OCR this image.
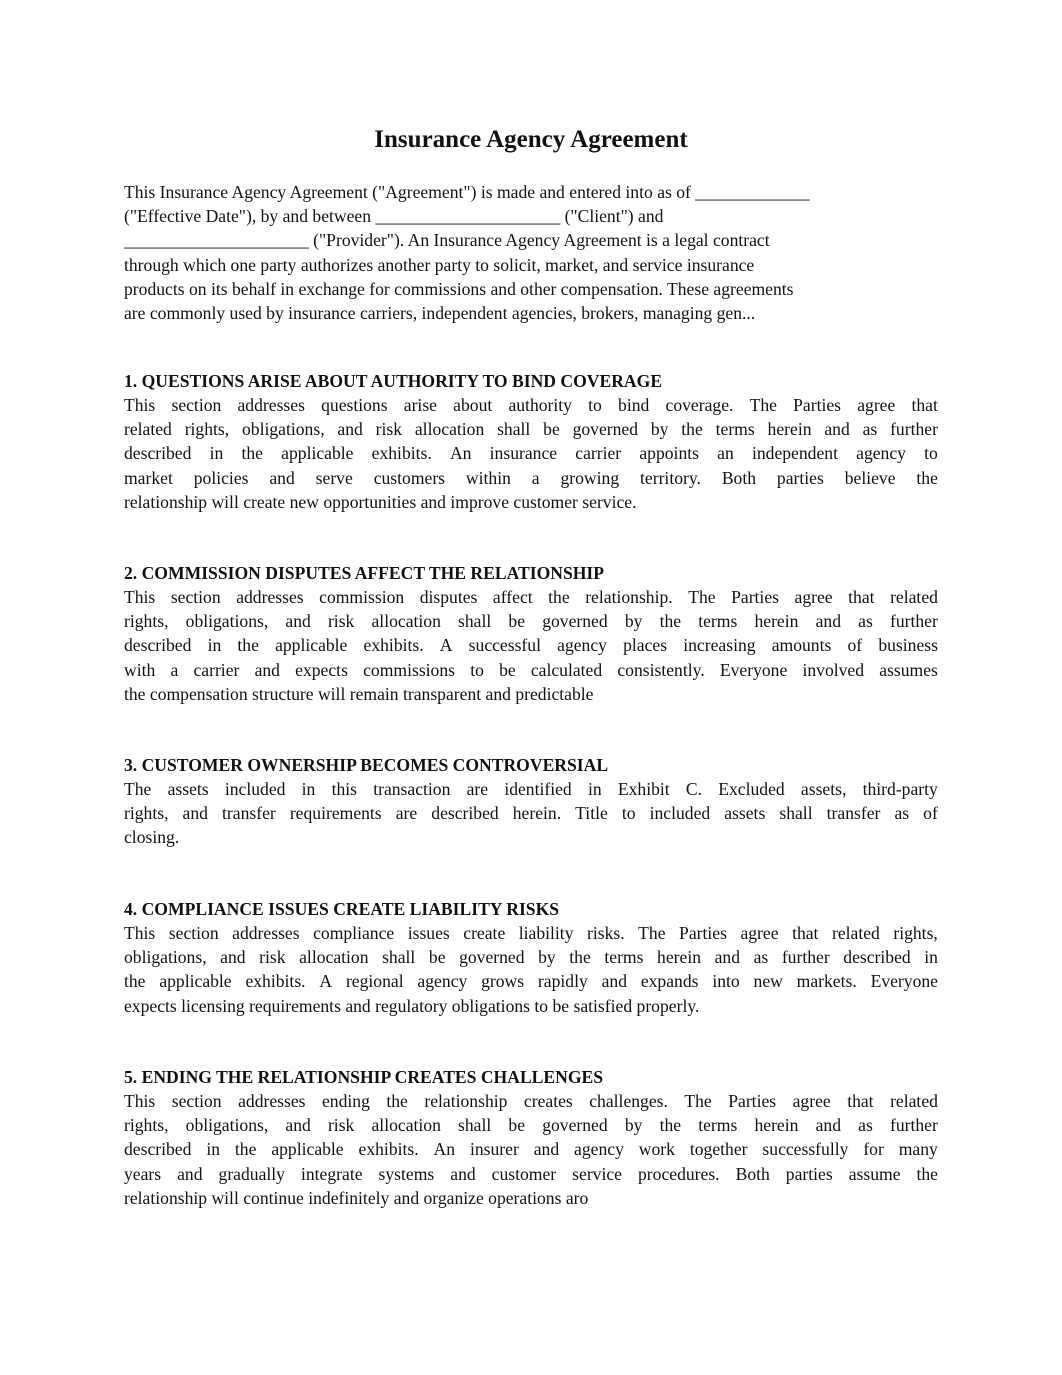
Insurance Agency Agreement
This Insurance Agency Agreement ("Agreement") is made and entered into as of _____________
("Effective Date"), by and between _____________________ ("Client") and
_____________________ ("Provider"). An Insurance Agency Agreement is a legal contract
through which one party authorizes another party to solicit, market, and service insurance
products on its behalf in exchange for commissions and other compensation. These agreements
are commonly used by insurance carriers, independent agencies, brokers, managing gen...
1. QUESTIONS ARISE ABOUT AUTHORITY TO BIND COVERAGE

This section addresses questions arise about authority to bind coverage. The Parties agree that
related rights, obligations, and risk allocation shall be governed by the terms herein and as further
described in the applicable exhibits. An insurance carrier appoints an independent agency to
market policies and serve customers within a growing territory. Both parties believe the
relationship will create new opportunities and improve customer service.

2. COMMISSION DISPUTES AFFECT THE RELATIONSHIP

This section addresses commission disputes affect the relationship. The Parties agree that related
rights, obligations, and risk allocation shall be governed by the terms herein and as further
described in the applicable exhibits. A successful agency places increasing amounts of business
with a carrier and expects commissions to be calculated consistently. Everyone involved assumes
the compensation structure will remain transparent and predictable

3. CUSTOMER OWNERSHIP BECOMES CONTROVERSIAL

The assets included in this transaction are identified in Exhibit C. Excluded assets, third-party
rights, and transfer requirements are described herein. Title to included assets shall transfer as of
closing.

4. COMPLIANCE ISSUES CREATE LIABILITY RISKS

This section addresses compliance issues create liability risks. The Parties agree that related rights,
obligations, and risk allocation shall be governed by the terms herein and as further described in
the applicable exhibits. A regional agency grows rapidly and expands into new markets. Everyone
expects licensing requirements and regulatory obligations to be satisfied properly.

5. ENDING THE RELATIONSHIP CREATES CHALLENGES

This section addresses ending the relationship creates challenges. The Parties agree that related
rights, obligations, and risk allocation shall be governed by the terms herein and as further
described in the applicable exhibits. An insurer and agency work together successfully for many
years and gradually integrate systems and customer service procedures. Both parties assume the
relationship will continue indefinitely and organize operations aro
